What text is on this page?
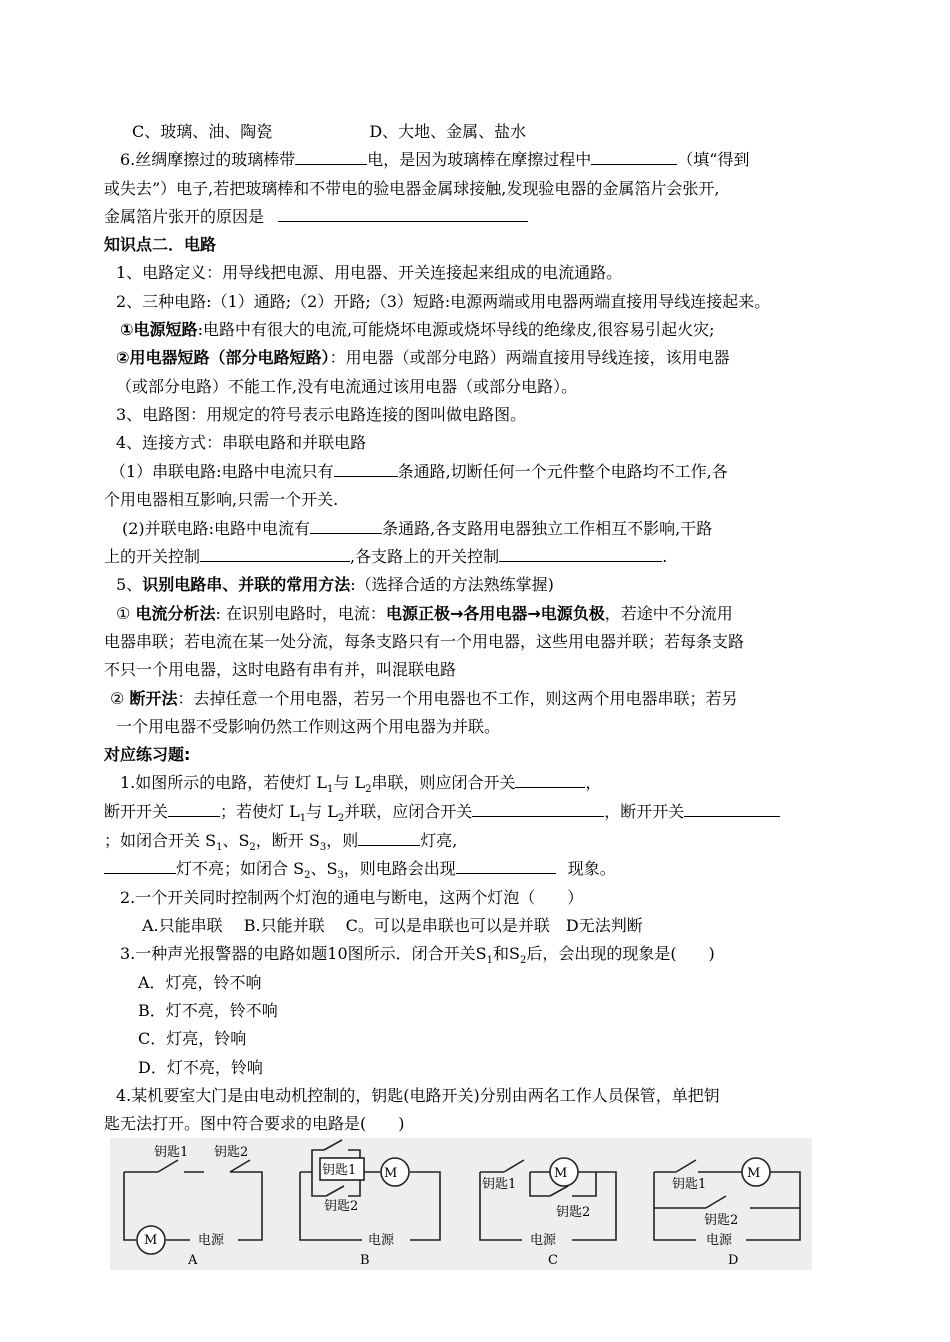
C、玻璃、油、陶瓷	D、大地、金属、盐水
6.丝绸摩擦过的玻璃棒带	电，是因为玻璃棒在摩擦过程中	（填“得到
或失去”）电子,若把玻璃棒和不带电的验电器金属球接触,发现验电器的金属箔片会张开,
金属箔片张开的原因是
知识点二．电路
1、电路定义：用导线把电源、用电器、开关连接起来组成的电流通路。
2、三种电路:（1）通路;（2）开路;（3）短路:电源两端或用电器两端直接用导线连接起来。
①电源短路:电路中有很大的电流,可能烧坏电源或烧坏导线的绝缘皮,很容易引起火灾;
②用电器短路（部分电路短路）：用电器（或部分电路）两端直接用导线连接，该用电器
（或部分电路）不能工作,没有电流通过该用电器（或部分电路）。
3、电路图：用规定的符号表示电路连接的图叫做电路图。
4、连接方式：串联电路和并联电路
（1）串联电路:电路中电流只有	条通路,切断任何一个元件整个电路均不工作,各
个用电器相互影响,只需一个开关.
(2)并联电路:电路中电流有	条通路,各支路用电器独立工作相互不影响,干路
上的开关控制	,各支路上的开关控制	.
5、识别电路串、并联的常用方法:（选择合适的方法熟练掌握)
① 电流分析法: 在识别电路时，电流：电源正极→各用电器→电源负极，若途中不分流用
电器串联；若电流在某一处分流，每条支路只有一个用电器，这些用电器并联；若每条支路
不只一个用电器，这时电路有串有并，叫混联电路
② 断开法：去掉任意一个用电器，若另一个用电器也不工作，则这两个用电器串联；若另
一个用电器不受影响仍然工作则这两个用电器为并联。
对应练习题:
1.如图所示的电路，若使灯 $L_1$与 $L_2$串联，则应闭合开关	，
断开开关	；若使灯 $L_1$与 $L_2$并联，应闭合开关	，断开开关
；如闭合开关 $S_1$、$S_2$，断开 $S_3$，则	灯亮,
灯不亮；如闭合 $S_2$、$S_3$，则电路会出现	现象。
2.一个开关同时控制两个灯泡的通电与断电，这两个灯泡（　　）
A.只能串联　 B.只能并联　 C。可以是串联也可以是并联　D无法判断
3.一种声光报警器的电路如题10图所示．闭合开关$S_1$和$S_2$后，会出现的现象是(　　)
A．灯亮，铃不响
B．灯不亮，铃不响
C．灯亮，铃响
D．灯不亮，铃响
4.某机要室大门是由电动机控制的，钥匙(电路开关)分别由两名工作人员保管，单把钥
匙无法打开。图中符合要求的电路是(　　)
M
M	M	M
钥匙1 钥匙2
电源
钥匙1
钥匙2
电源
钥匙1
钥匙2
电源
钥匙1
钥匙2
电源
A	B	C	D
